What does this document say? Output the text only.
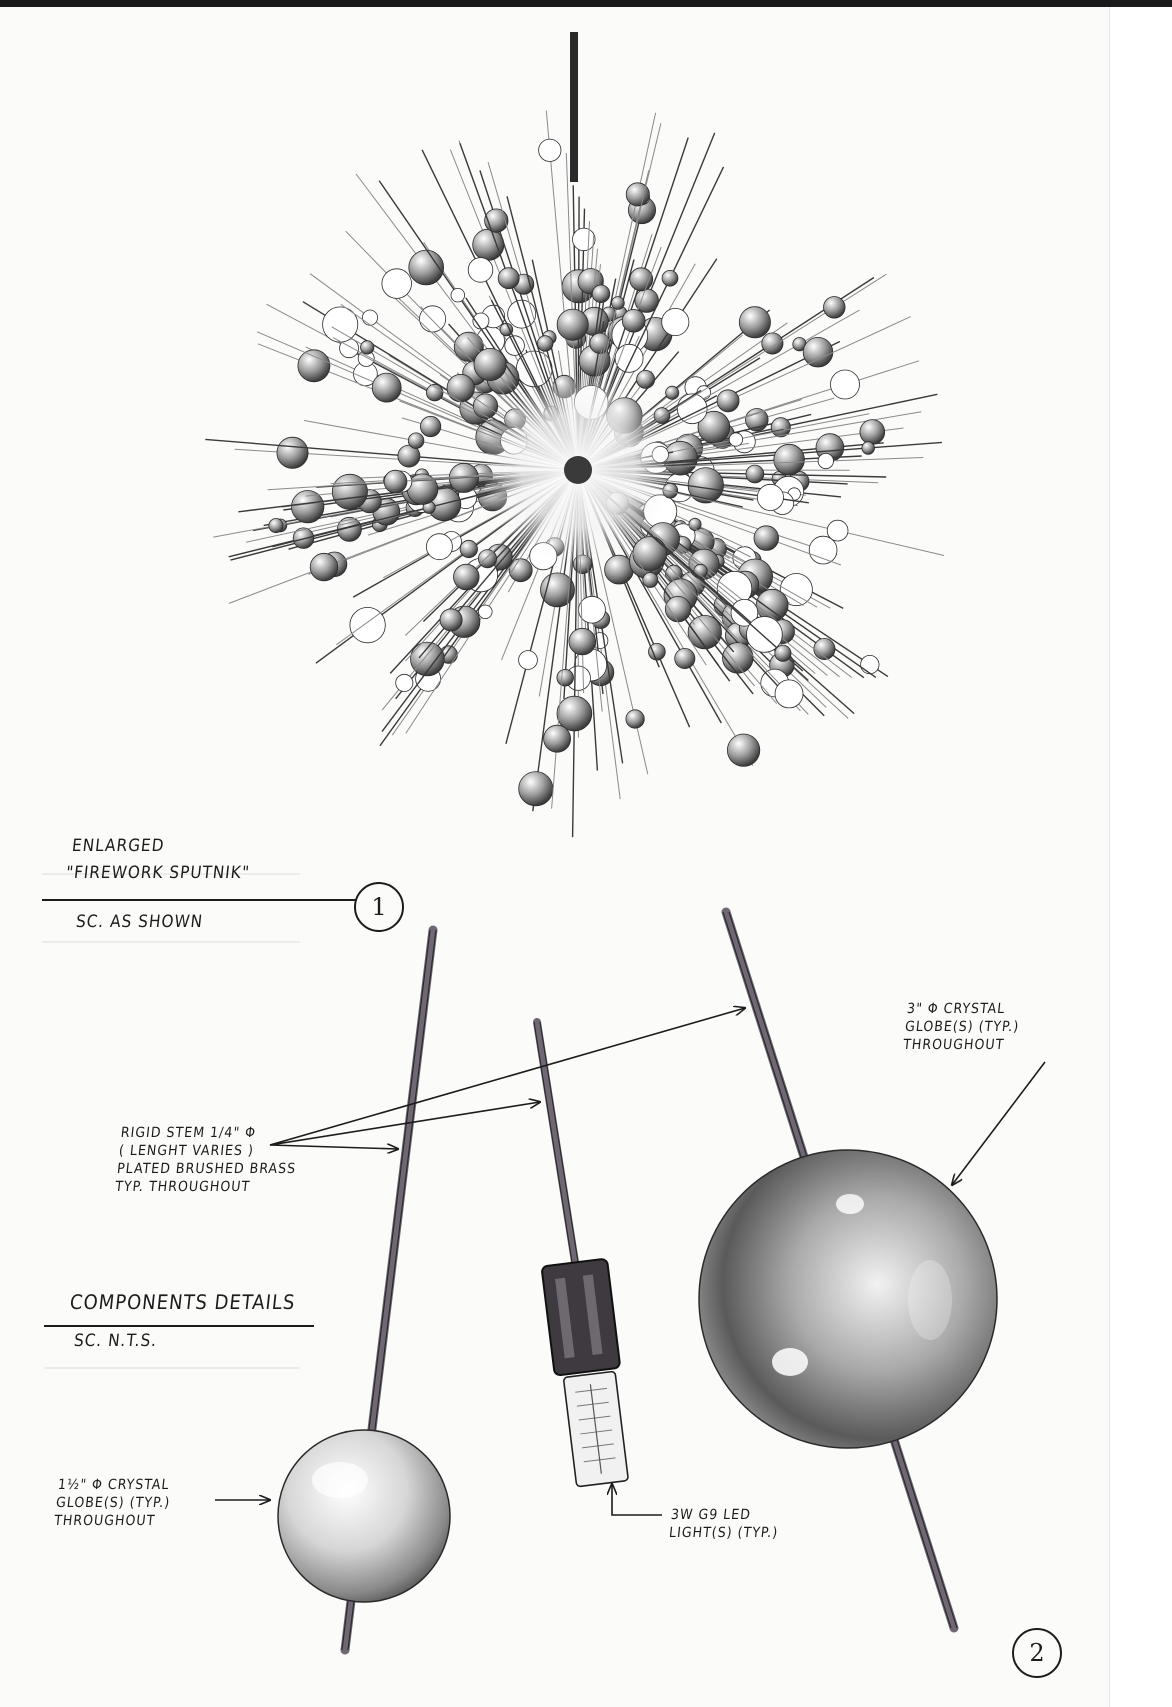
ENLARGED
"FIREWORK SPUTNIK"
SC. AS SHOWN
1
COMPONENTS DETAILS
SC. N.T.S.
2

RIGID STEM 1/4" Φ

( LENGHT VARIES )

PLATED BRUSHED BRASS

TYP. THROUGHOUT

3" Φ CRYSTAL

GLOBE(S) (TYP.)

THROUGHOUT

1½" Φ CRYSTAL

GLOBE(S) (TYP.)

THROUGHOUT	3W G9 LED

LIGHT(S) (TYP.)
